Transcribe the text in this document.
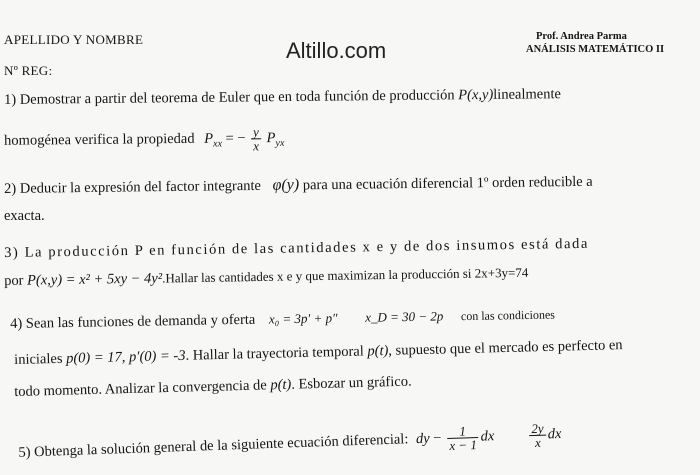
APELLIDO Y NOMBRE
Nº REG:
Altillo.com
Prof. Andrea Parma
ANÁLISIS MATEMÁTICO II
1) Demostrar a partir del teorema de Euler que en toda función de producción P(x,y)linealmente
homogénea verifica la propiedad $P_{xx}$ = − $\frac{y}{x} P_{yx}$
2) Deducir la expresión del factor integrante φ(y) para una ecuación diferencial 1º orden reducible a
exacta.
3) La producción P en función de las cantidades x e y de dos insumos está dada
por P(x,y) = x² + 5xy − 4y².Hallar las cantidades x e y que maximizan la producción si 2x+3y=74
4) Sean las funciones de demanda y oferta x₀ = 3p′ + p″ x_D = 30 − 2p con las condiciones
iniciales p(0) = 17, p′(0) = -3. Hallar la trayectoria temporal p(t), supuesto que el mercado es perfecto en
todo momento. Analizar la convergencia de p(t). Esbozar un gráfico.
5) Obtenga la solución general de la siguiente ecuación diferencial: dy − $\frac{1}{x - 1}$ dx	$\frac{2y}{x}$ dx
